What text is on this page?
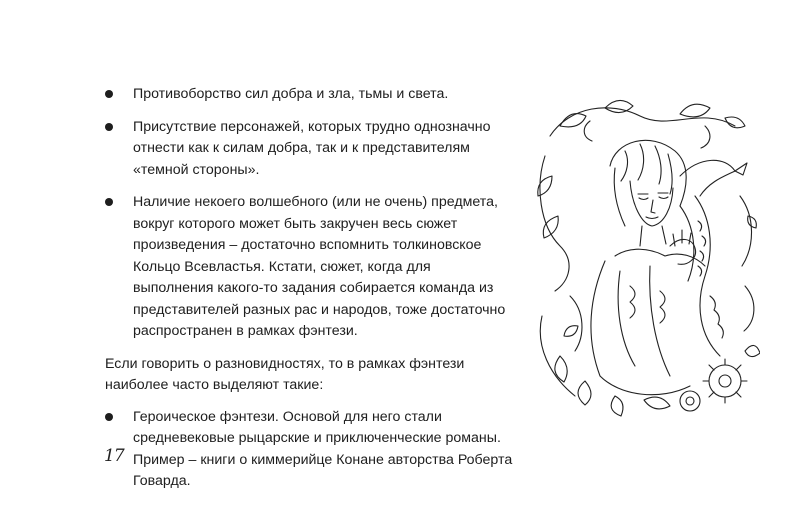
Противоборство сил добра и зла, тьмы и света.
Присутствие персонажей, которых трудно однозначно отнести как к силам добра, так и к представителям «темной стороны».
Наличие некоего волшебного (или не очень) предмета, вокруг которого может быть закручен весь сюжет произведения – достаточно вспомнить толкиновское Кольцо Всевластья. Кстати, сюжет, когда для выполнения какого-то задания собирается команда из представителей разных рас и народов, тоже достаточно распространен в рамках фэнтези.

Если говорить о разновидностях, то в рамках фэнтези наиболее часто выделяют такие:

Героическое фэнтези. Основой для него стали средневековые рыцарские и приключенческие романы. Пример – книги о киммерийце Конане авторства Роберта Говарда.
17
